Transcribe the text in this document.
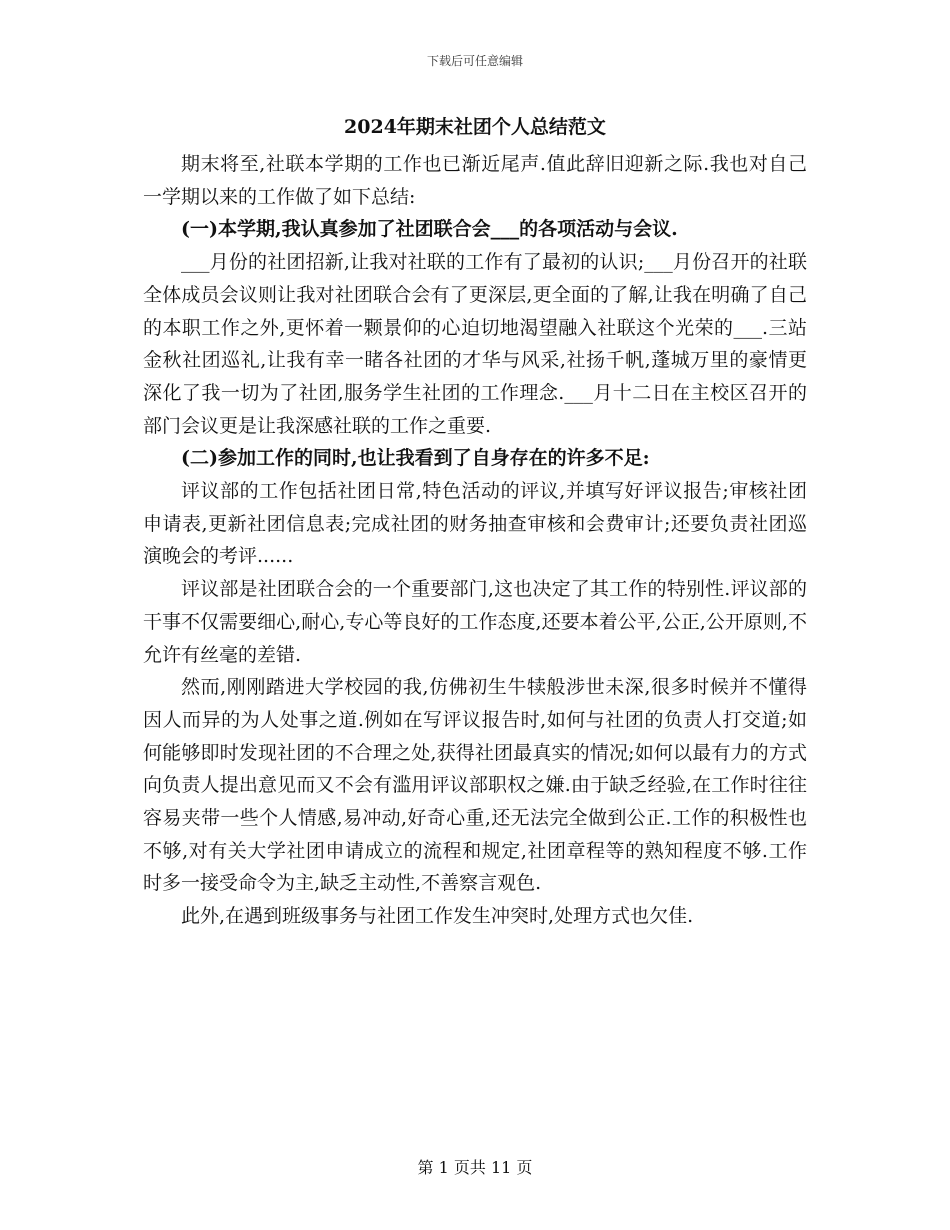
下载后可任意编辑
2024年期末社团个人总结范文

期末将至,社联本学期的工作也已渐近尾声.值此辞旧迎新之际.我也对自己一学期以来的工作做了如下总结:

(一)本学期,我认真参加了社团联合会___的各项活动与会议.

___月份的社团招新,让我对社联的工作有了最初的认识;___月份召开的社联全体成员会议则让我对社团联合会有了更深层,更全面的了解,让我在明确了自己的本职工作之外,更怀着一颗景仰的心迫切地渴望融入社联这个光荣的___.三站金秋社团巡礼,让我有幸一睹各社团的才华与风采,社扬千帆,蓬城万里的豪情更深化了我一切为了社团,服务学生社团的工作理念.___月十二日在主校区召开的部门会议更是让我深感社联的工作之重要.

(二)参加工作的同时,也让我看到了自身存在的许多不足:

评议部的工作包括社团日常,特色活动的评议,并填写好评议报告;审核社团申请表,更新社团信息表;完成社团的财务抽查审核和会费审计;还要负责社团巡演晚会的考评......

评议部是社团联合会的一个重要部门,这也决定了其工作的特别性.评议部的干事不仅需要细心,耐心,专心等良好的工作态度,还要本着公平,公正,公开原则,不允许有丝毫的差错.

然而,刚刚踏进大学校园的我,仿佛初生牛犊般涉世未深,很多时候并不懂得因人而异的为人处事之道.例如在写评议报告时,如何与社团的负责人打交道;如何能够即时发现社团的不合理之处,获得社团最真实的情况;如何以最有力的方式向负责人提出意见而又不会有滥用评议部职权之嫌.由于缺乏经验,在工作时往往容易夹带一些个人情感,易冲动,好奇心重,还无法完全做到公正.工作的积极性也不够,对有关大学社团申请成立的流程和规定,社团章程等的熟知程度不够.工作时多一接受命令为主,缺乏主动性,不善察言观色.

此外,在遇到班级事务与社团工作发生冲突时,处理方式也欠佳.

第 1 页共 11 页
